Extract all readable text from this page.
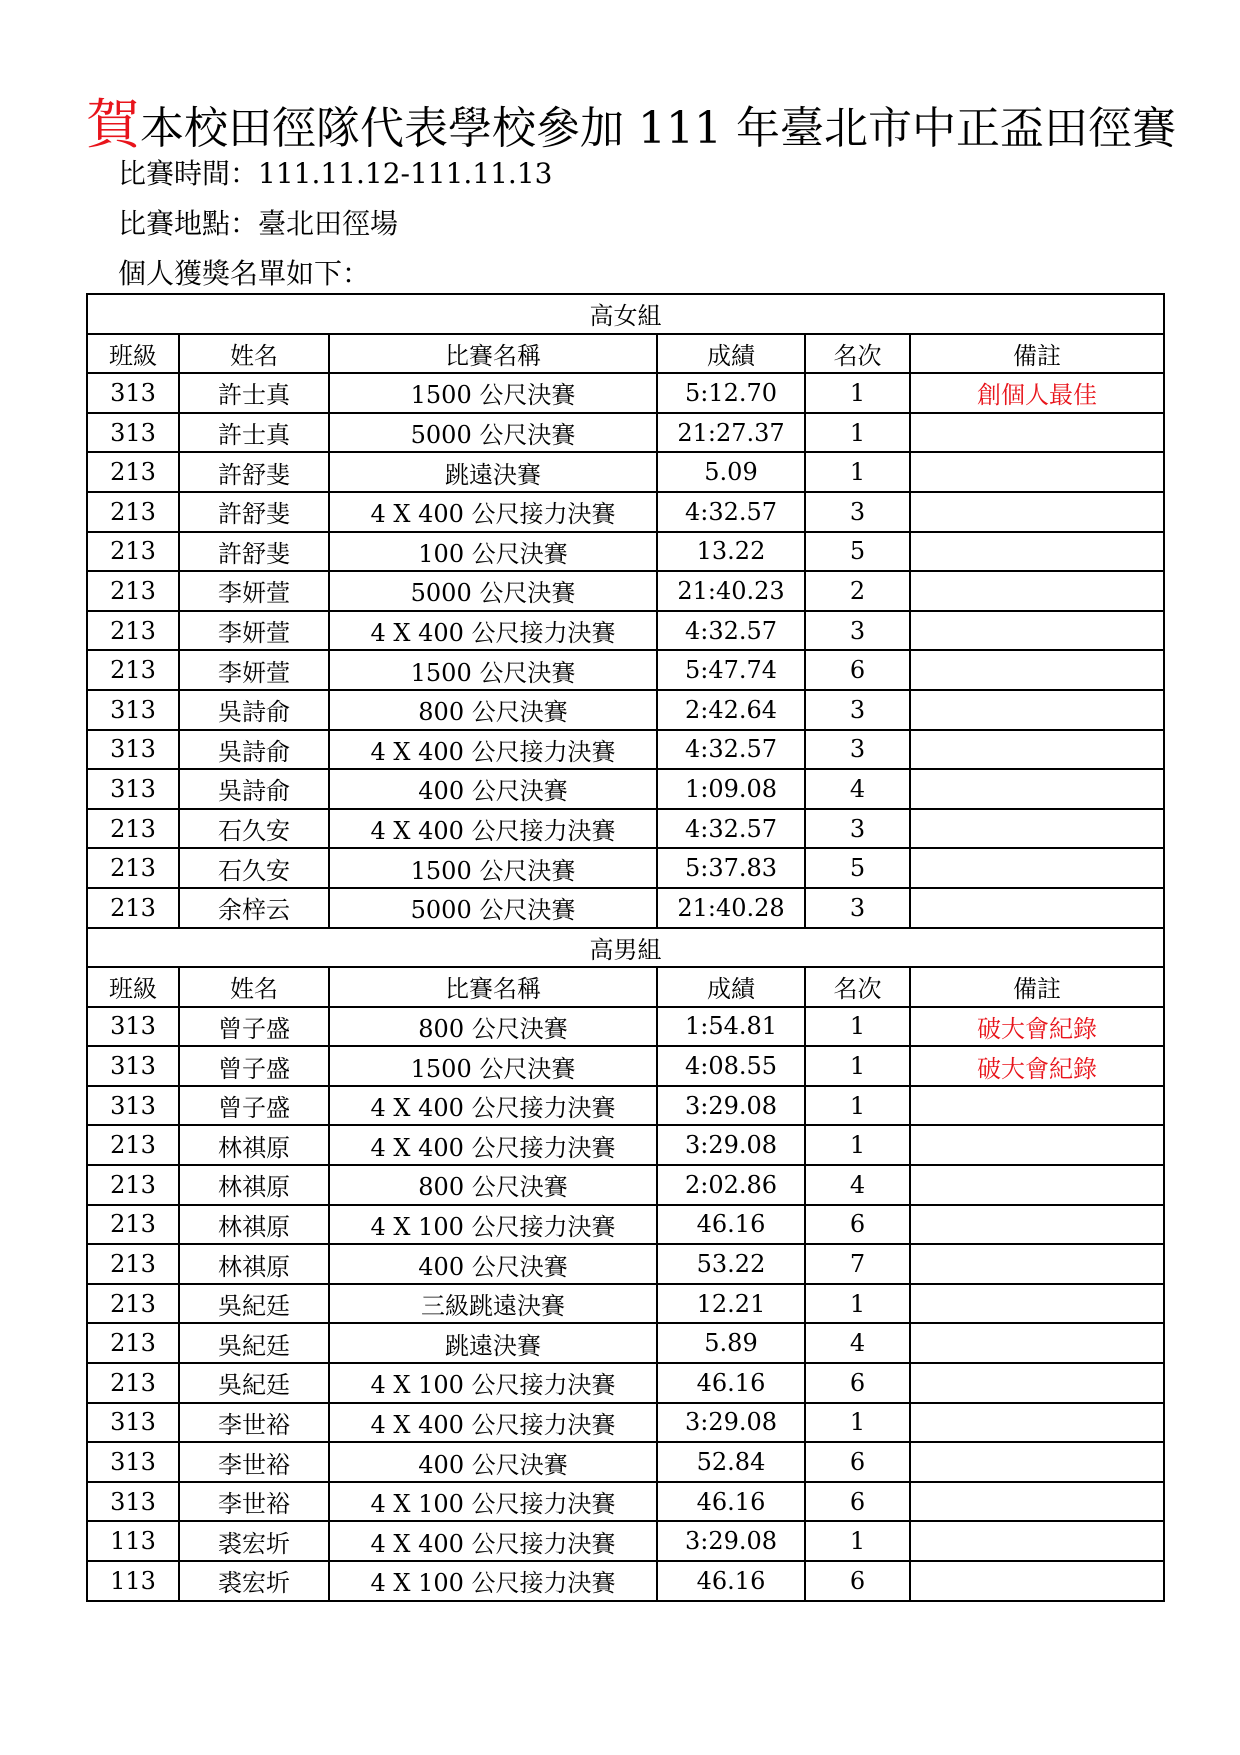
賀本校田徑隊代表學校參加 111 年臺北市中正盃田徑賽

比賽時間：111.11.12-111.11.13

比賽地點：臺北田徑場

個人獲獎名單如下：

高女組					
班級	姓名	比賽名稱	成績	名次	備註
313	許士真	1500 公尺決賽	5:12.70	1	創個人最佳
313	許士真	5000 公尺決賽	21:27.37	1	
213	許舒斐	跳遠決賽	5.09	1	
213	許舒斐	4 X 400 公尺接力決賽	4:32.57	3	
213	許舒斐	100 公尺決賽	13.22	5	
213	李妍萱	5000 公尺決賽	21:40.23	2	
213	李妍萱	4 X 400 公尺接力決賽	4:32.57	3	
213	李妍萱	1500 公尺決賽	5:47.74	6	
313	吳詩俞	800 公尺決賽	2:42.64	3	
313	吳詩俞	4 X 400 公尺接力決賽	4:32.57	3	
313	吳詩俞	400 公尺決賽	1:09.08	4	
213	石久安	4 X 400 公尺接力決賽	4:32.57	3	
213	石久安	1500 公尺決賽	5:37.83	5	
213	余梓云	5000 公尺決賽	21:40.28	3	
高男組					
班級	姓名	比賽名稱	成績	名次	備註
313	曾子盛	800 公尺決賽	1:54.81	1	破大會紀錄
313	曾子盛	1500 公尺決賽	4:08.55	1	破大會紀錄
313	曾子盛	4 X 400 公尺接力決賽	3:29.08	1	
213	林祺原	4 X 400 公尺接力決賽	3:29.08	1	
213	林祺原	800 公尺決賽	2:02.86	4	
213	林祺原	4 X 100 公尺接力決賽	46.16	6	
213	林祺原	400 公尺決賽	53.22	7	
213	吳紀廷	三級跳遠決賽	12.21	1	
213	吳紀廷	跳遠決賽	5.89	4	
213	吳紀廷	4 X 100 公尺接力決賽	46.16	6	
313	李世裕	4 X 400 公尺接力決賽	3:29.08	1	
313	李世裕	400 公尺決賽	52.84	6	
313	李世裕	4 X 100 公尺接力決賽	46.16	6	
113	裘宏圻	4 X 400 公尺接力決賽	3:29.08	1	
113	裘宏圻	4 X 100 公尺接力決賽	46.16	6	
